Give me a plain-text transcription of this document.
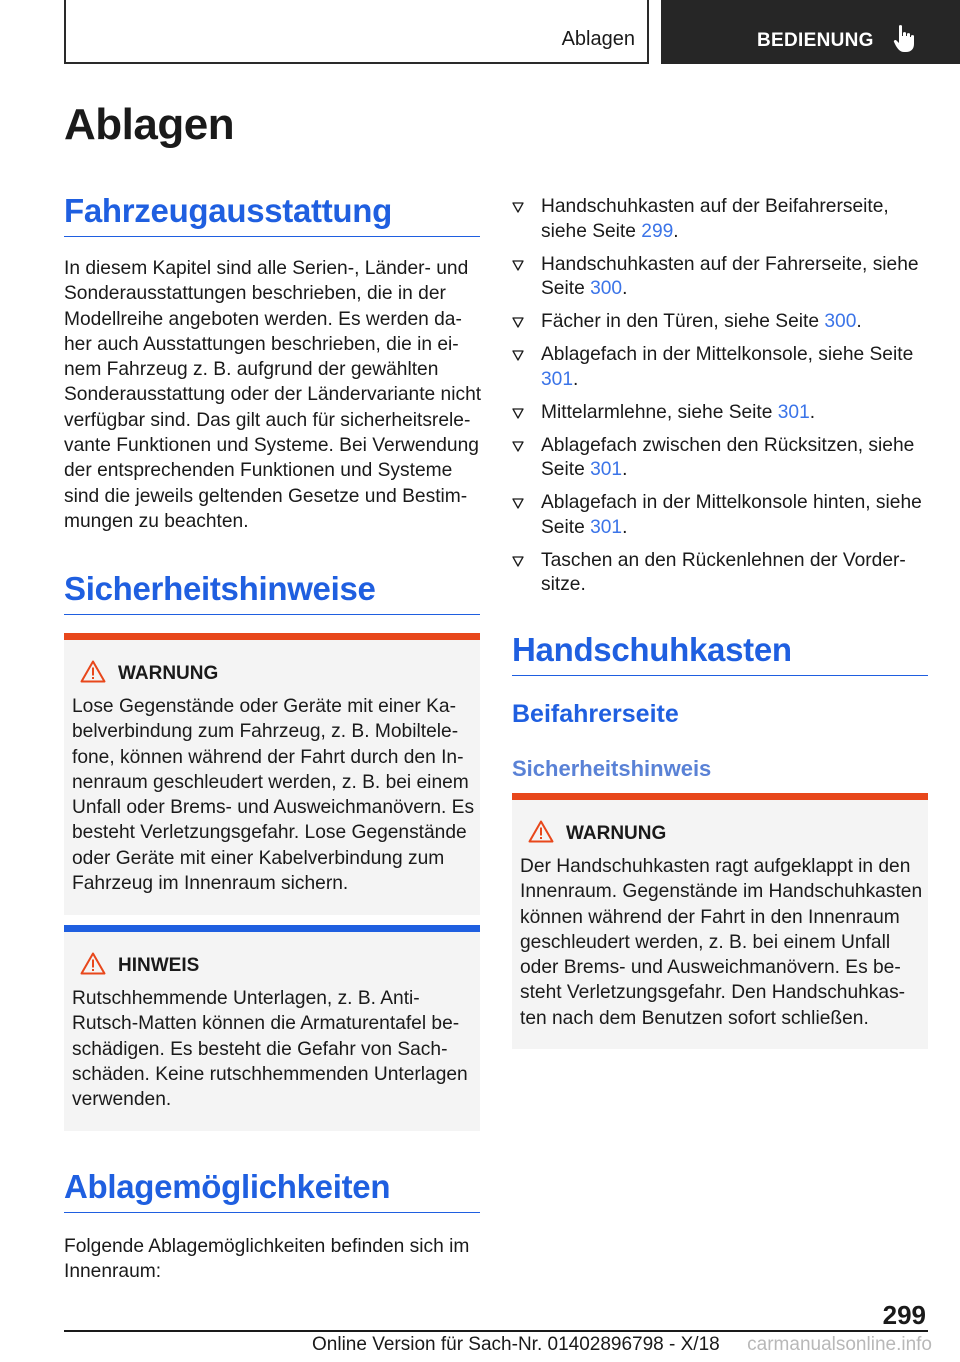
Ablagen	BEDIENUNG
Ablagen
Fahrzeugausstattung

In diesem Kapitel sind alle Serien-, Länder- und Sonderausstattungen beschrieben, die in der Modellreihe angeboten werden. Es werden daher auch Ausstattungen beschrieben, die in einem Fahrzeug z. B. aufgrund der gewählten Sonderausstattung oder der Ländervariante nicht verfügbar sind. Das gilt auch für sicherheitsrelevante Funktionen und Systeme. Bei Verwendung der entsprechenden Funktionen und Systeme sind die jeweils geltenden Gesetze und Bestimmungen zu beachten.

Sicherheitshinweise
WARNUNG

Lose Gegenstände oder Geräte mit einer Kabelverbindung zum Fahrzeug, z. B. Mobiltelefone, können während der Fahrt durch den Innenraum geschleudert werden, z. B. bei einem Unfall oder Brems- und Ausweichmanövern. Es besteht Verletzungsgefahr. Lose Gegenstände oder Geräte mit einer Kabelverbindung zum Fahrzeug im Innenraum sichern.

HINWEIS

Rutschhemmende Unterlagen, z. B. Anti-Rutsch-Matten können die Armaturentafel beschädigen. Es besteht die Gefahr von Sachschäden. Keine rutschhemmenden Unterlagen verwenden.

Ablagemöglichkeiten

Folgende Ablagemöglichkeiten befinden sich im Innenraum:

Handschuhkasten auf der Beifahrerseite, siehe Seite 299.
Handschuhkasten auf der Fahrerseite, siehe Seite 300.
Fächer in den Türen, siehe Seite 300.
Ablagefach in der Mittelkonsole, siehe Seite 301.
Mittelarmlehne, siehe Seite 301.
Ablagefach zwischen den Rücksitzen, siehe Seite 301.
Ablagefach in der Mittelkonsole hinten, siehe Seite 301.
Taschen an den Rückenlehnen der Vordersitze.
Handschuhkasten
Beifahrerseite
Sicherheitshinweis
WARNUNG

Der Handschuhkasten ragt aufgeklappt in den Innenraum. Gegenstände im Handschuhkasten können während der Fahrt in den Innenraum geschleudert werden, z. B. bei einem Unfall oder Brems- und Ausweichmanövern. Es besteht Verletzungsgefahr. Den Handschuhkasten nach dem Benutzen sofort schließen.

299
Online Version für Sach-Nr. 01402896798 - X/18 carmanualsonline.info
